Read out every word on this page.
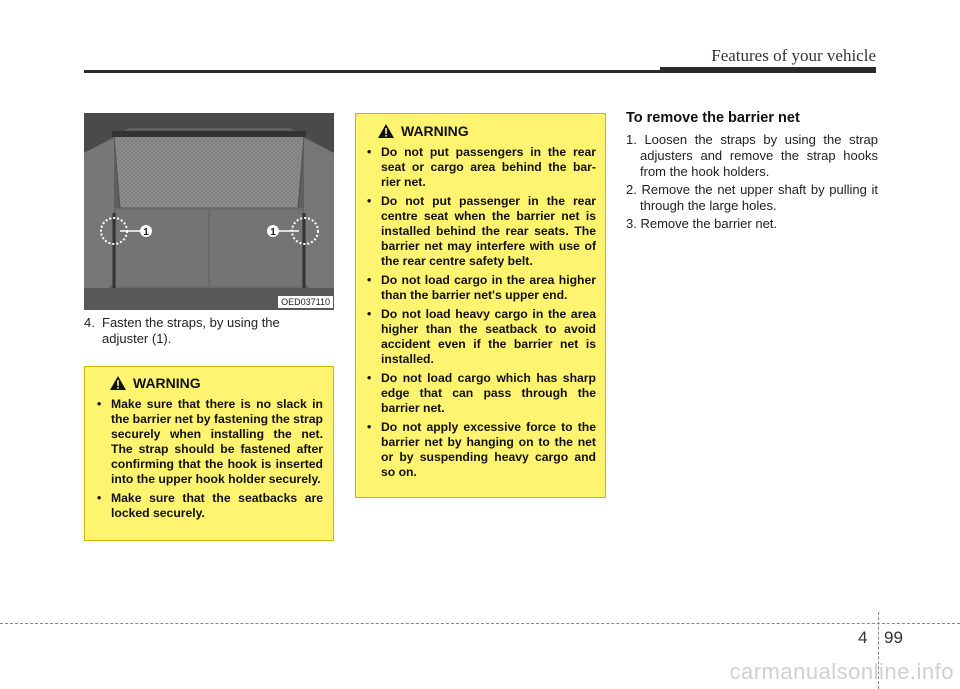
Features of your vehicle
1	1
OED037110
4. Fasten the straps, by using the
adjuster (1).
WARNING
• Make sure that there is no slack in the barrier net by fastening the strap securely when installing the net. The strap should be fastened after confirming that the hook is inserted into the upper hook holder securely.
• Make sure that the seatbacks are locked securely.
WARNING
• Do not put passengers in the rear seat or cargo area behind the bar-rier net.
• Do not put passenger in the rear centre seat when the barrier net is installed behind the rear seats. The barrier net may interfere with use of the rear centre safety belt.
• Do not load cargo in the area higher than the barrier net's upper end.
• Do not load heavy cargo in the area higher than the seatback to avoid accident even if the barrier net is installed.
• Do not load cargo which has sharp edge that can pass through the barrier net.
• Do not apply excessive force to the barrier net by hanging on to the net or by suspending heavy cargo and so on.
To remove the barrier net
1. Loosen the straps by using the strap adjusters and remove the strap hooks from the hook holders.
2. Remove the net upper shaft by pulling it through the large holes.
3. Remove the barrier net.
4 99
carmanualsonline.info
